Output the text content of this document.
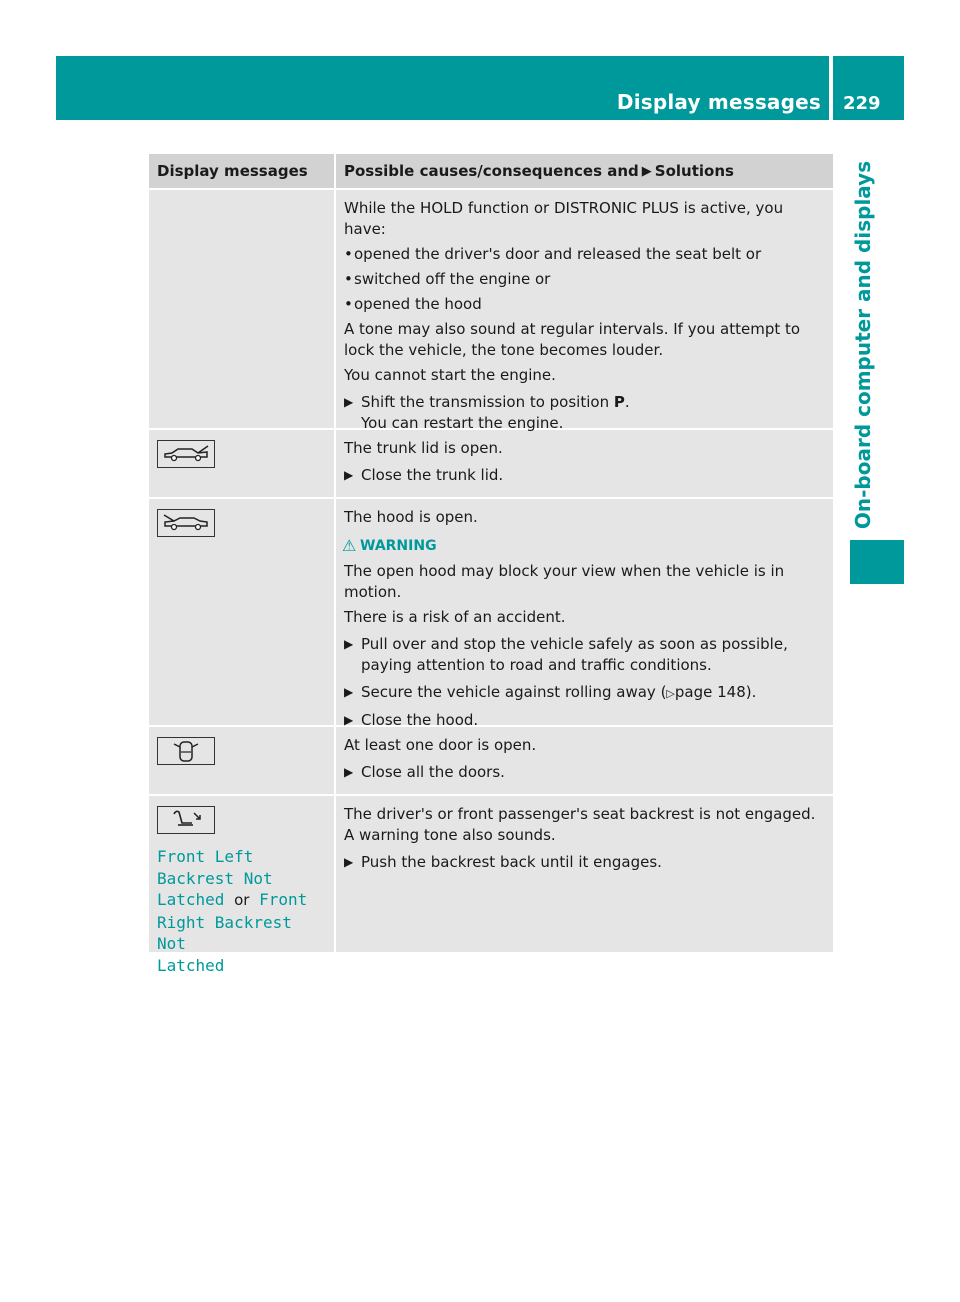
Display messages 229
On-board computer and displays
Display messages	Possible causes/consequences and ▶ Solutions

While the HOLD function or DISTRONIC PLUS is active, you have:

• opened the driver's door and released the seat belt or

• switched off the engine or

• opened the hood

A tone may also sound at regular intervals. If you attempt to lock the vehicle, the tone becomes louder.

You cannot start the engine.

▶ Shift the transmission to position P.

You can restart the engine.

The trunk lid is open.

▶ Close the trunk lid.

The hood is open.

⚠ WARNING

The open hood may block your view when the vehicle is in motion.

There is a risk of an accident.

▶ Pull over and stop the vehicle safely as soon as possible, paying attention to road and traffic conditions.

▶ Secure the vehicle against rolling away (▷page 148).

▶ Close the hood.

At least one door is open.

▶ Close all the doors.

Front Left
Backrest Not
Latched or Front
Right Backrest Not
Latched

The driver's or front passenger's seat backrest is not engaged. A warning tone also sounds.

▶ Push the backrest back until it engages.
